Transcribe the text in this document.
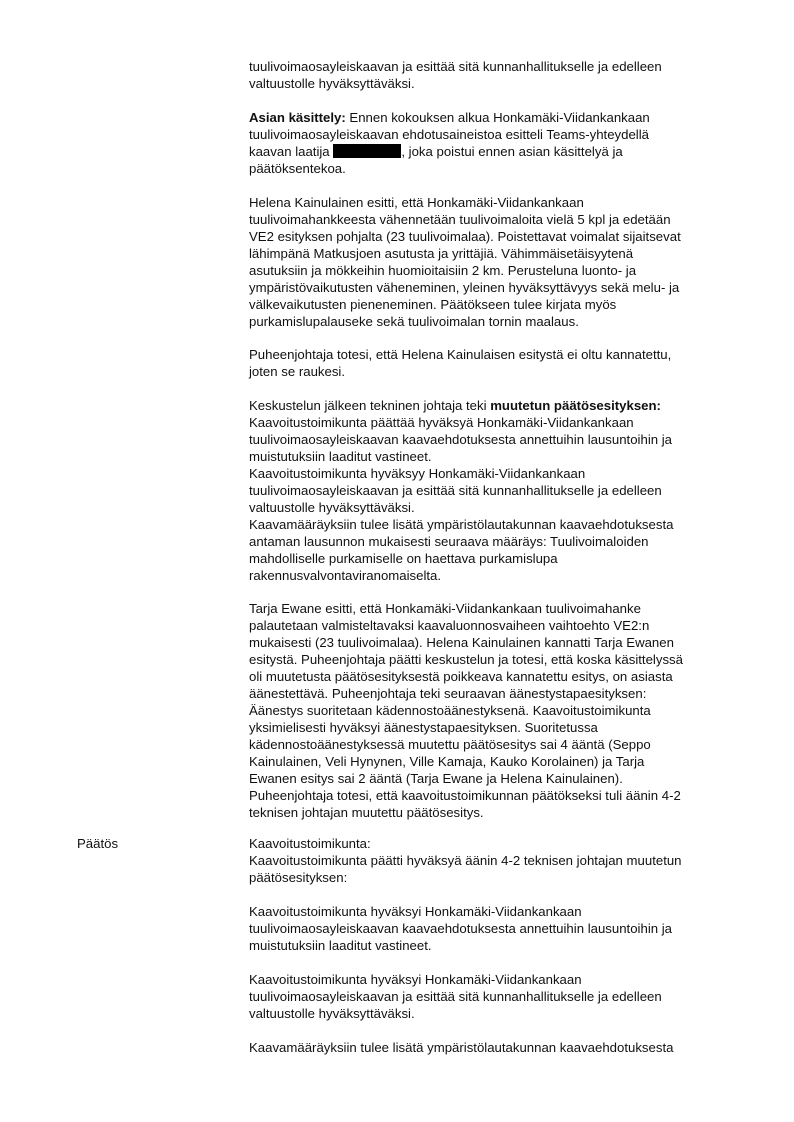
tuulivoimaosayleiskaavan ja esittää sitä kunnanhallitukselle ja edelleen

valtuustolle hyväksyttäväksi.

Asian käsittely: Ennen kokouksen alkua Honkamäki-Viidankankaan

tuulivoimaosayleiskaavan ehdotusaineistoa esitteli Teams-yhteydellä

kaavan laatija	, joka poistui ennen asian käsittelyä ja

päätöksentekoa.

Helena Kainulainen esitti, että Honkamäki-Viidankankaan

tuulivoimahankkeesta vähennetään tuulivoimaloita vielä 5 kpl ja edetään

VE2 esityksen pohjalta (23 tuulivoimalaa). Poistettavat voimalat sijaitsevat

lähimpänä Matkusjoen asutusta ja yrittäjiä. Vähimmäisetäisyytenä

asutuksiin ja mökkeihin huomioitaisiin 2 km. Perusteluna luonto- ja

ympäristövaikutusten väheneminen, yleinen hyväksyttävyys sekä melu- ja

välkevaikutusten pieneneminen. Päätökseen tulee kirjata myös

purkamislupalauseke sekä tuulivoimalan tornin maalaus.

Puheenjohtaja totesi, että Helena Kainulaisen esitystä ei oltu kannatettu,

joten se raukesi.

Keskustelun jälkeen tekninen johtaja teki muutetun päätösesityksen:

Kaavoitustoimikunta päättää hyväksyä Honkamäki-Viidankankaan

tuulivoimaosayleiskaavan kaavaehdotuksesta annettuihin lausuntoihin ja

muistutuksiin laaditut vastineet.

Kaavoitustoimikunta hyväksyy Honkamäki-Viidankankaan

tuulivoimaosayleiskaavan ja esittää sitä kunnanhallitukselle ja edelleen

valtuustolle hyväksyttäväksi.

Kaavamääräyksiin tulee lisätä ympäristölautakunnan kaavaehdotuksesta

antaman lausunnon mukaisesti seuraava määräys: Tuulivoimaloiden

mahdolliselle purkamiselle on haettava purkamislupa

rakennusvalvontaviranomaiselta.

Tarja Ewane esitti, että Honkamäki-Viidankankaan tuulivoimahanke

palautetaan valmisteltavaksi kaavaluonnosvaiheen vaihtoehto VE2:n

mukaisesti (23 tuulivoimalaa). Helena Kainulainen kannatti Tarja Ewanen

esitystä. Puheenjohtaja päätti keskustelun ja totesi, että koska käsittelyssä

oli muutetusta päätösesityksestä poikkeava kannatettu esitys, on asiasta

äänestettävä. Puheenjohtaja teki seuraavan äänestystapaesityksen:

Äänestys suoritetaan kädennostoäänestyksenä. Kaavoitustoimikunta

yksimielisesti hyväksyi äänestystapaesityksen. Suoritetussa

kädennostoäänestyksessä muutettu päätösesitys sai 4 ääntä (Seppo

Kainulainen, Veli Hynynen, Ville Kamaja, Kauko Korolainen) ja Tarja

Ewanen esitys sai 2 ääntä (Tarja Ewane ja Helena Kainulainen).

Puheenjohtaja totesi, että kaavoitustoimikunnan päätökseksi tuli äänin 4-2

teknisen johtajan muutettu päätösesitys.

Päätös	Kaavoitustoimikunta:

Kaavoitustoimikunta päätti hyväksyä äänin 4-2 teknisen johtajan muutetun

päätösesityksen:

Kaavoitustoimikunta hyväksyi Honkamäki-Viidankankaan

tuulivoimaosayleiskaavan kaavaehdotuksesta annettuihin lausuntoihin ja

muistutuksiin laaditut vastineet.

Kaavoitustoimikunta hyväksyi Honkamäki-Viidankankaan

tuulivoimaosayleiskaavan ja esittää sitä kunnanhallitukselle ja edelleen

valtuustolle hyväksyttäväksi.

Kaavamääräyksiin tulee lisätä ympäristölautakunnan kaavaehdotuksesta
